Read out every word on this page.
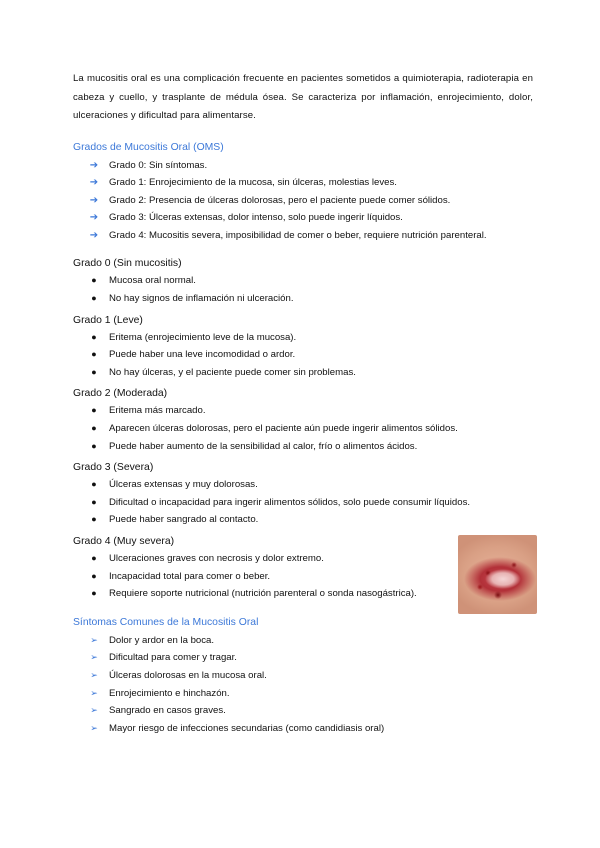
La mucositis oral es una complicación frecuente en pacientes sometidos a quimioterapia, radioterapia en cabeza y cuello, y trasplante de médula ósea. Se caracteriza por inflamación, enrojecimiento, dolor, ulceraciones y dificultad para alimentarse.

Grados de Mucositis Oral (OMS)
➔ Grado 0: Sin síntomas.
➔ Grado 1: Enrojecimiento de la mucosa, sin úlceras, molestias leves.
➔ Grado 2: Presencia de úlceras dolorosas, pero el paciente puede comer sólidos.
➔ Grado 3: Úlceras extensas, dolor intenso, solo puede ingerir líquidos.
➔ Grado 4: Mucositis severa, imposibilidad de comer o beber, requiere nutrición parenteral.
Grado 0 (Sin mucositis)
●	Mucosa oral normal.
●	No hay signos de inflamación ni ulceración.
Grado 1 (Leve)
●	Eritema (enrojecimiento leve de la mucosa).
●	Puede haber una leve incomodidad o ardor.
●	No hay úlceras, y el paciente puede comer sin problemas.
Grado 2 (Moderada)
●	Eritema más marcado.
●	Aparecen úlceras dolorosas, pero el paciente aún puede ingerir alimentos sólidos.
●	Puede haber aumento de la sensibilidad al calor, frío o alimentos ácidos.
Grado 3 (Severa)
●	Úlceras extensas y muy dolorosas.
●	Dificultad o incapacidad para ingerir alimentos sólidos, solo puede consumir líquidos.
●	Puede haber sangrado al contacto.
Grado 4 (Muy severa)
●	Ulceraciones graves con necrosis y dolor extremo.
●	Incapacidad total para comer o beber.
●	Requiere soporte nutricional (nutrición parenteral o sonda nasogástrica).
Síntomas Comunes de la Mucositis Oral
➢	Dolor y ardor en la boca.
➢	Dificultad para comer y tragar.
➢	Úlceras dolorosas en la mucosa oral.
➢	Enrojecimiento e hinchazón.
➢	Sangrado en casos graves.
➢	Mayor riesgo de infecciones secundarias (como candidiasis oral)
